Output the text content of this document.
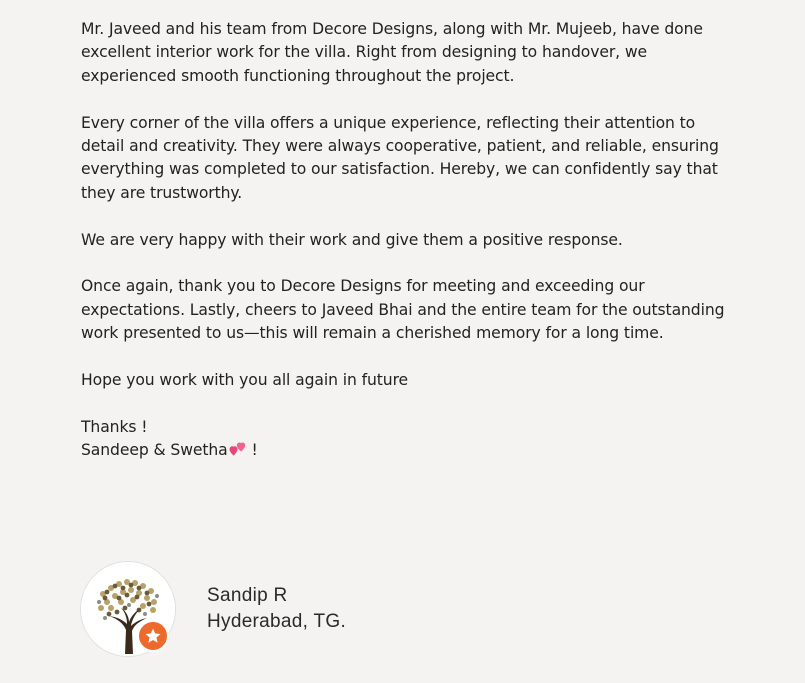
Mr. Javeed and his team from Decore Designs, along with Mr. Mujeeb, have done excellent interior work for the villa. Right from designing to handover, we experienced smooth functioning throughout the project.

Every corner of the villa offers a unique experience, reflecting their attention to detail and creativity. They were always cooperative, patient, and reliable, ensuring everything was completed to our satisfaction. Hereby, we can confidently say that they are trustworthy.

We are very happy with their work and give them a positive response.

Once again, thank you to Decore Designs for meeting and exceeding our expectations. Lastly, cheers to Javeed Bhai and the entire team for the outstanding work presented to us—this will remain a cherished memory for a long time.

Hope you work with you all again in future

Thanks !

Sandeep & Swetha !

Sandip R
Hyderabad, TG.
